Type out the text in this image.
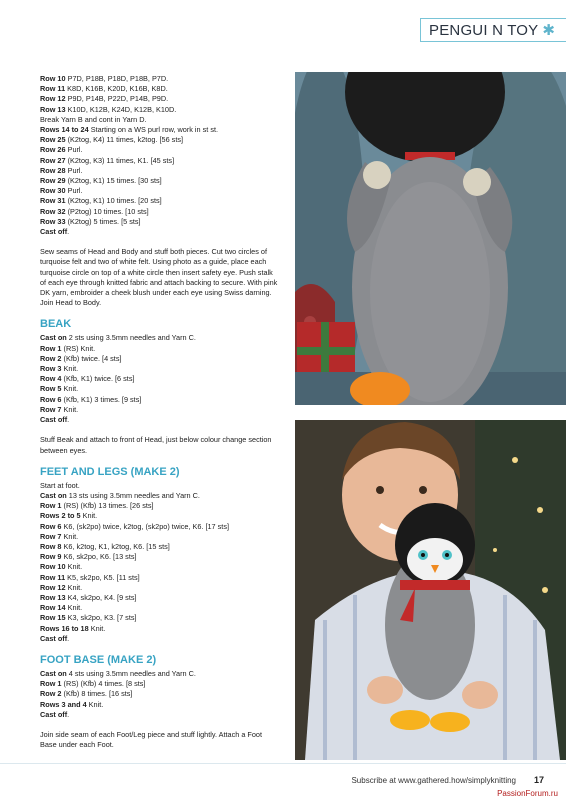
PENGUI N TOY ✱
Row 10 P7D, P18B, P18D, P18B, P7D.
Row 11 K8D, K16B, K20D, K16B, K8D.
Row 12 P9D, P14B, P22D, P14B, P9D.
Row 13 K10D, K12B, K24D, K12B, K10D.
Break Yarn B and cont in Yarn D.
Rows 14 to 24 Starting on a WS purl row, work in st st.
Row 25 (K2tog, K4) 11 times, k2tog. [56 sts]
Row 26 Purl.
Row 27 (K2tog, K3) 11 times, K1. [45 sts]
Row 28 Purl.
Row 29 (K2tog, K1) 15 times. [30 sts]
Row 30 Purl.
Row 31 (K2tog, K1) 10 times. [20 sts]
Row 32 (P2tog) 10 times. [10 sts]
Row 33 (K2tog) 5 times. [5 sts]
Cast off.

Sew seams of Head and Body and stuff both pieces. Cut two circles of turquoise felt and two of white felt. Using photo as a guide, place each turquoise circle on top of a white circle then insert safety eye. Push stalk of each eye through knitted fabric and attach backing to secure. With pink DK yarn, embroider a cheek blush under each eye using Swiss darning. Join Head to Body.

BEAK
Cast on 2 sts using 3.5mm needles and Yarn C.
Row 1 (RS) Knit.
Row 2 (Kfb) twice. [4 sts]
Row 3 Knit.
Row 4 (Kfb, K1) twice. [6 sts]
Row 5 Knit.
Row 6 (Kfb, K1) 3 times. [9 sts]
Row 7 Knit.
Cast off.

Stuff Beak and attach to front of Head, just below colour change section between eyes.

FEET AND LEGS (MAKE 2)
Start at foot.
Cast on 13 sts using 3.5mm needles and Yarn C.
Row 1 (RS) (Kfb) 13 times. [26 sts]
Rows 2 to 5 Knit.
Row 6 K6, (sk2po) twice, k2tog, (sk2po) twice, K6. [17 sts]
Row 7 Knit.
Row 8 K6, k2tog, K1, k2tog, K6. [15 sts]
Row 9 K6, sk2po, K6. [13 sts]
Row 10 Knit.
Row 11 K5, sk2po, K5. [11 sts]
Row 12 Knit.
Row 13 K4, sk2po, K4. [9 sts]
Row 14 Knit.
Row 15 K3, sk2po, K3. [7 sts]
Rows 16 to 18 Knit.
Cast off.
FOOT BASE (MAKE 2)
Cast on 4 sts using 3.5mm needles and Yarn C.
Row 1 (RS) (Kfb) 4 times. [8 sts]
Row 2 (Kfb) 8 times. [16 sts]
Rows 3 and 4 Knit.
Cast off.

Join side seam of each Foot/Leg piece and stuff lightly. Attach a Foot Base under each Foot.

Subscribe at www.gathered.how/simplyknitting 17
PassionForum.ru
